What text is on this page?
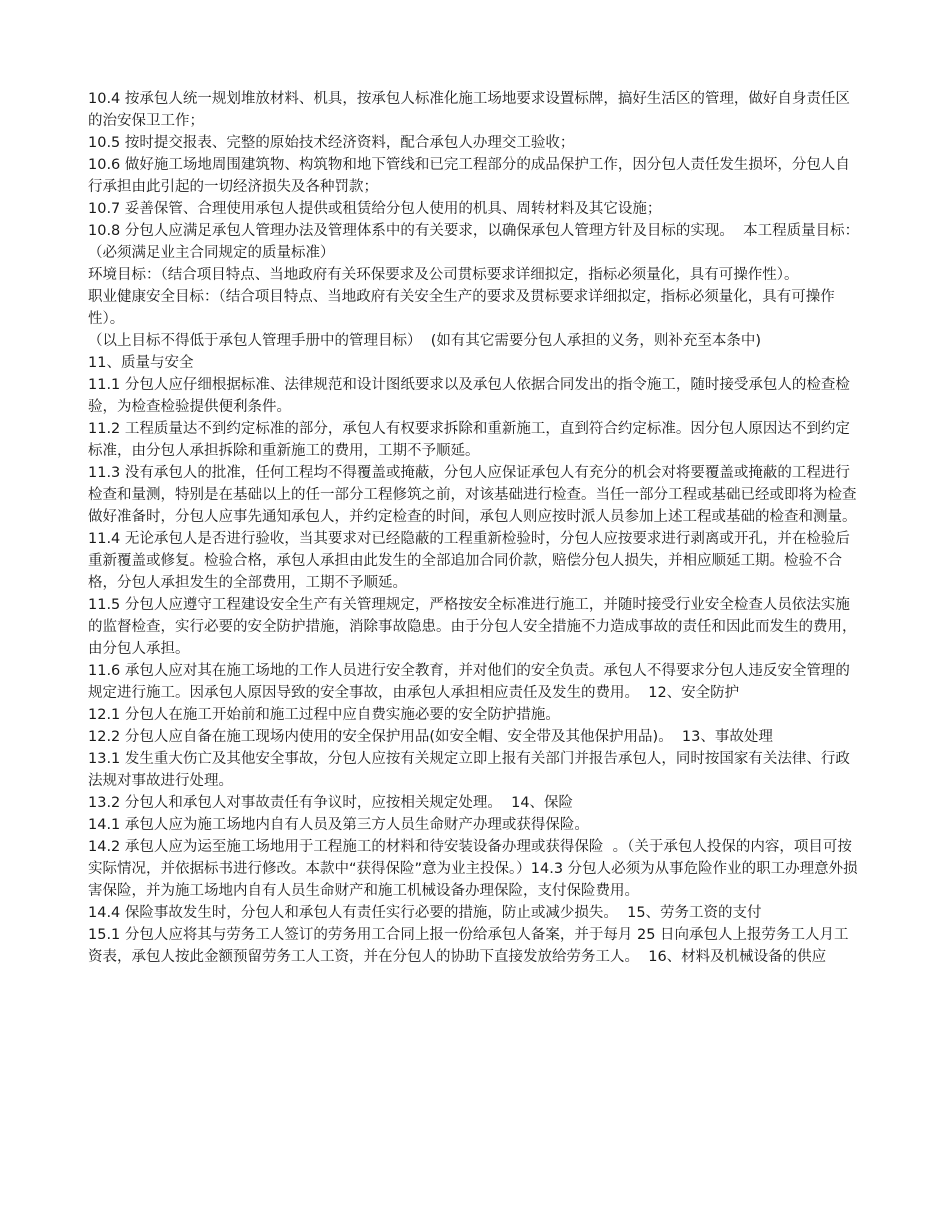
10.4 按承包人统一规划堆放材料、机具，按承包人标准化施工场地要求设置标牌，搞好生活区的管理，做好自身责任区的治安保卫工作；

10.5 按时提交报表、完整的原始技术经济资料，配合承包人办理交工验收；

10.6 做好施工场地周围建筑物、构筑物和地下管线和已完工程部分的成品保护工作，因分包人责任发生损坏，分包人自行承担由此引起的一切经济损失及各种罚款；

10.7 妥善保管、合理使用承包人提供或租赁给分包人使用的机具、周转材料及其它设施；

10.8 分包人应满足承包人管理办法及管理体系中的有关要求，以确保承包人管理方针及目标的实现。  本工程质量目标：（必须满足业主合同规定的质量标准）

环境目标：（结合项目特点、当地政府有关环保要求及公司贯标要求详细拟定，指标必须量化，具有可操作性）。

职业健康安全目标：（结合项目特点、当地政府有关安全生产的要求及贯标要求详细拟定，指标必须量化，具有可操作性）。

（以上目标不得低于承包人管理手册中的管理目标）  (如有其它需要分包人承担的义务，则补充至本条中)

11、质量与安全

11.1 分包人应仔细根据标准、法律规范和设计图纸要求以及承包人依据合同发出的指令施工，随时接受承包人的检查检验，为检查检验提供便利条件。

11.2 工程质量达不到约定标准的部分，承包人有权要求拆除和重新施工，直到符合约定标准。因分包人原因达不到约定标准，由分包人承担拆除和重新施工的费用，工期不予顺延。

11.3 没有承包人的批准，任何工程均不得覆盖或掩蔽，分包人应保证承包人有充分的机会对将要覆盖或掩蔽的工程进行检查和量测，特别是在基础以上的任一部分工程修筑之前，对该基础进行检查。当任一部分工程或基础已经或即将为检查做好准备时，分包人应事先通知承包人，并约定检查的时间，承包人则应按时派人员参加上述工程或基础的检查和测量。

11.4 无论承包人是否进行验收，当其要求对已经隐蔽的工程重新检验时，分包人应按要求进行剥离或开孔，并在检验后重新覆盖或修复。检验合格，承包人承担由此发生的全部追加合同价款，赔偿分包人损失，并相应顺延工期。检验不合格，分包人承担发生的全部费用，工期不予顺延。

11.5 分包人应遵守工程建设安全生产有关管理规定，严格按安全标准进行施工，并随时接受行业安全检查人员依法实施的监督检查，实行必要的安全防护措施，消除事故隐患。由于分包人安全措施不力造成事故的责任和因此而发生的费用，由分包人承担。

11.6 承包人应对其在施工场地的工作人员进行安全教育，并对他们的安全负责。承包人不得要求分包人违反安全管理的规定进行施工。因承包人原因导致的安全事故，由承包人承担相应责任及发生的费用。  12、安全防护

12.1 分包人在施工开始前和施工过程中应自费实施必要的安全防护措施。

12.2 分包人应自备在施工现场内使用的安全保护用品(如安全帽、安全带及其他保护用品)。  13、事故处理

13.1 发生重大伤亡及其他安全事故，分包人应按有关规定立即上报有关部门并报告承包人，同时按国家有关法律、行政法规对事故进行处理。

13.2 分包人和承包人对事故责任有争议时，应按相关规定处理。  14、保险

14.1 承包人应为施工场地内自有人员及第三方人员生命财产办理或获得保险。

14.2 承包人应为运至施工场地用于工程施工的材料和待安装设备办理或获得保险  。（关于承包人投保的内容，项目可按实际情况，并依据标书进行修改。本款中“获得保险”意为业主投保。）14.3 分包人必须为从事危险作业的职工办理意外损害保险，并为施工场地内自有人员生命财产和施工机械设备办理保险，支付保险费用。

14.4 保险事故发生时，分包人和承包人有责任实行必要的措施，防止或减少损失。  15、劳务工资的支付

15.1 分包人应将其与劳务工人签订的劳务用工合同上报一份给承包人备案，并于每月 25 日向承包人上报劳务工人月工资表，承包人按此金额预留劳务工人工资，并在分包人的协助下直接发放给劳务工人。  16、材料及机械设备的供应
